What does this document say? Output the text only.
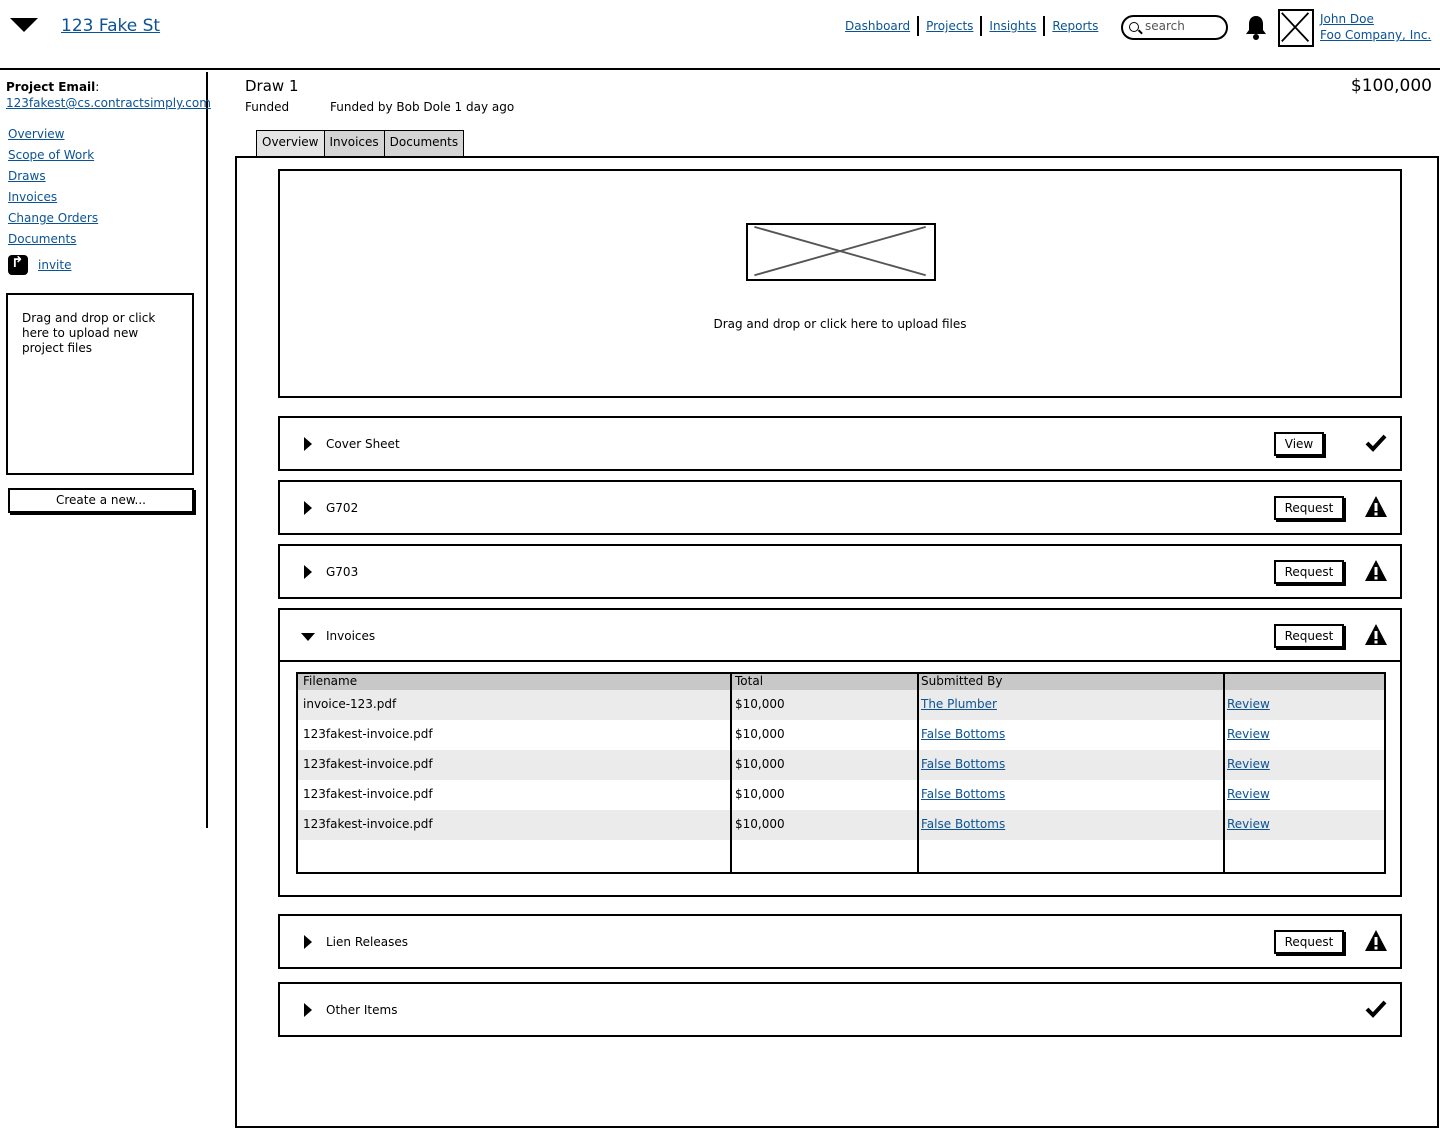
123 Fake St	Dashboard Projects Insights Reports	search	John Doe
Foo Company, Inc.
Project Email:
123fakest@cs.contractsimply.com
Overview
Scope of Work
Draws
Invoices
Change Orders
Documents
↱
invite
Drag and drop or click here to upload new project files
Create a new...
Draw 1
Funded	Funded by Bob Dole 1 day ago
$100,000
Overview Invoices Documents
Drag and drop or click here to upload files
Cover Sheet	View
G702	Request
G703	Request
Invoices	Request
Filename	Total	Submitted By
invoice-123.pdf	$10,000	The Plumber	Review
123fakest-invoice.pdf	$10,000	False Bottoms	Review
123fakest-invoice.pdf	$10,000	False Bottoms	Review
123fakest-invoice.pdf	$10,000	False Bottoms	Review
123fakest-invoice.pdf	$10,000	False Bottoms	Review
Lien Releases	Request
Other Items
